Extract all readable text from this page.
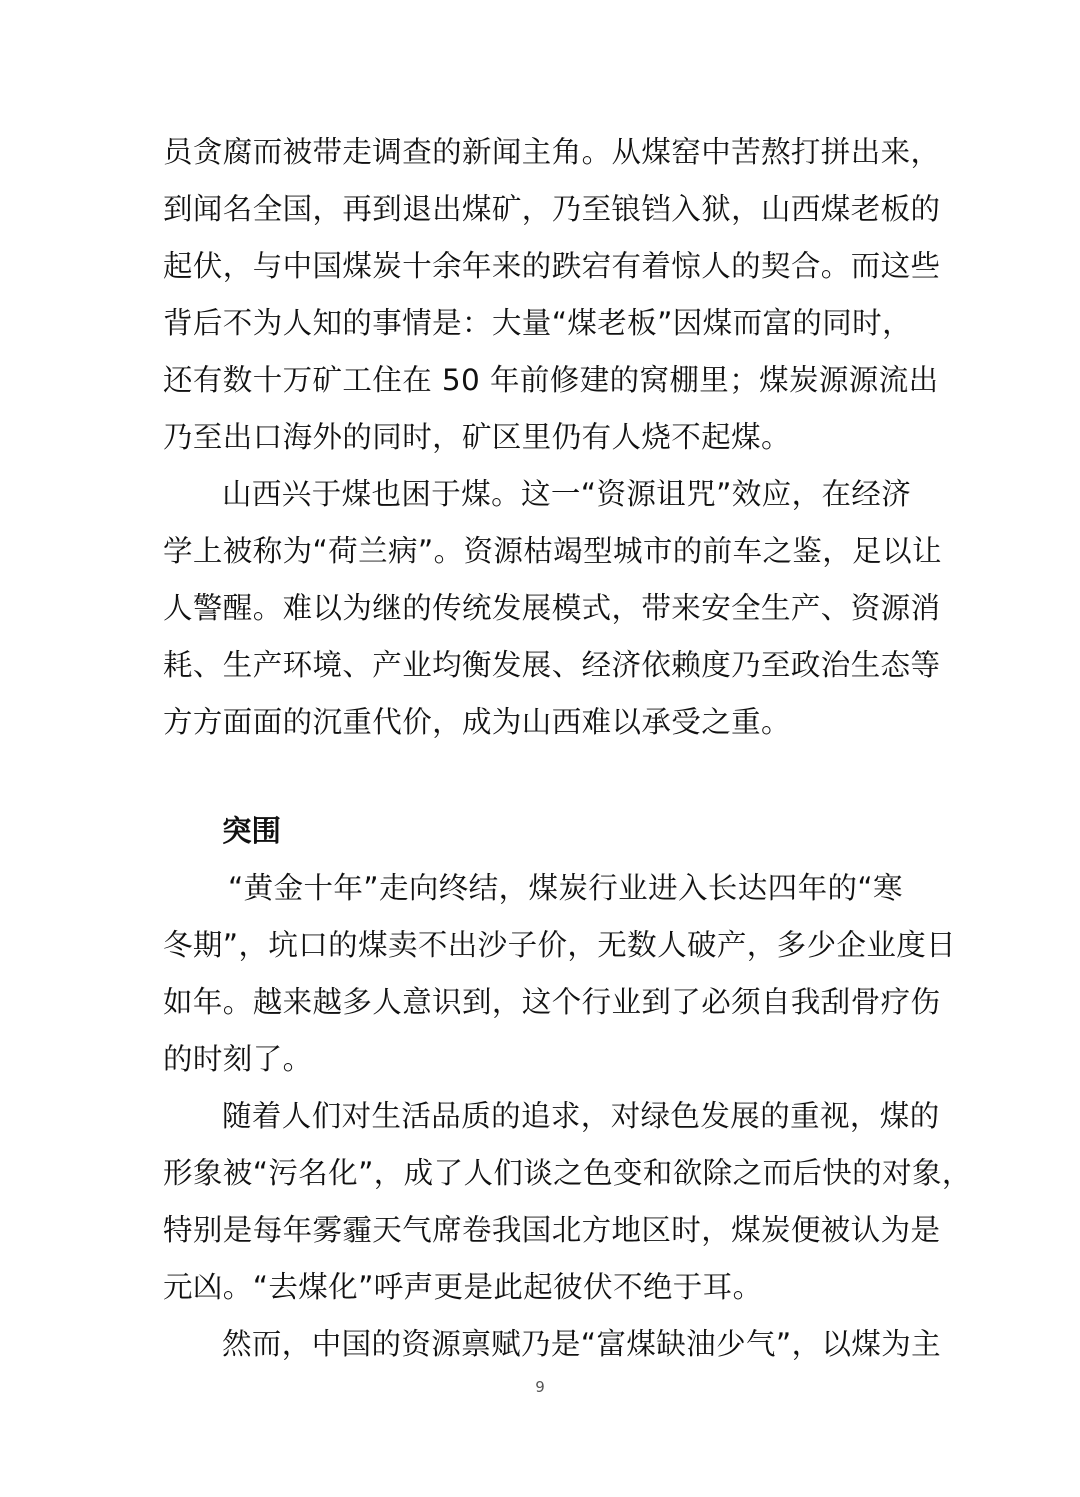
员贪腐而被带走调查的新闻主角。从煤窑中苦熬打拼出来，
到闻名全国，再到退出煤矿，乃至锒铛入狱，山西煤老板的
起伏，与中国煤炭十余年来的跌宕有着惊人的契合。而这些
背后不为人知的事情是：大量“煤老板”因煤而富的同时，
还有数十万矿工住在 50 年前修建的窝棚里；煤炭源源流出
乃至出口海外的同时，矿区里仍有人烧不起煤。
山西兴于煤也困于煤。这一“资源诅咒”效应，在经济
学上被称为“荷兰病”。资源枯竭型城市的前车之鉴，足以让
人警醒。难以为继的传统发展模式，带来安全生产、资源消
耗、生产环境、产业均衡发展、经济依赖度乃至政治生态等
方方面面的沉重代价，成为山西难以承受之重。
突围
“黄金十年”走向终结，煤炭行业进入长达四年的“寒
冬期”，坑口的煤卖不出沙子价，无数人破产，多少企业度日
如年。越来越多人意识到，这个行业到了必须自我刮骨疗伤
的时刻了。
随着人们对生活品质的追求，对绿色发展的重视，煤的
形象被“污名化”，成了人们谈之色变和欲除之而后快的对象，
特别是每年雾霾天气席卷我国北方地区时，煤炭便被认为是
元凶。“去煤化”呼声更是此起彼伏不绝于耳。
然而，中国的资源禀赋乃是“富煤缺油少气”，以煤为主
9
